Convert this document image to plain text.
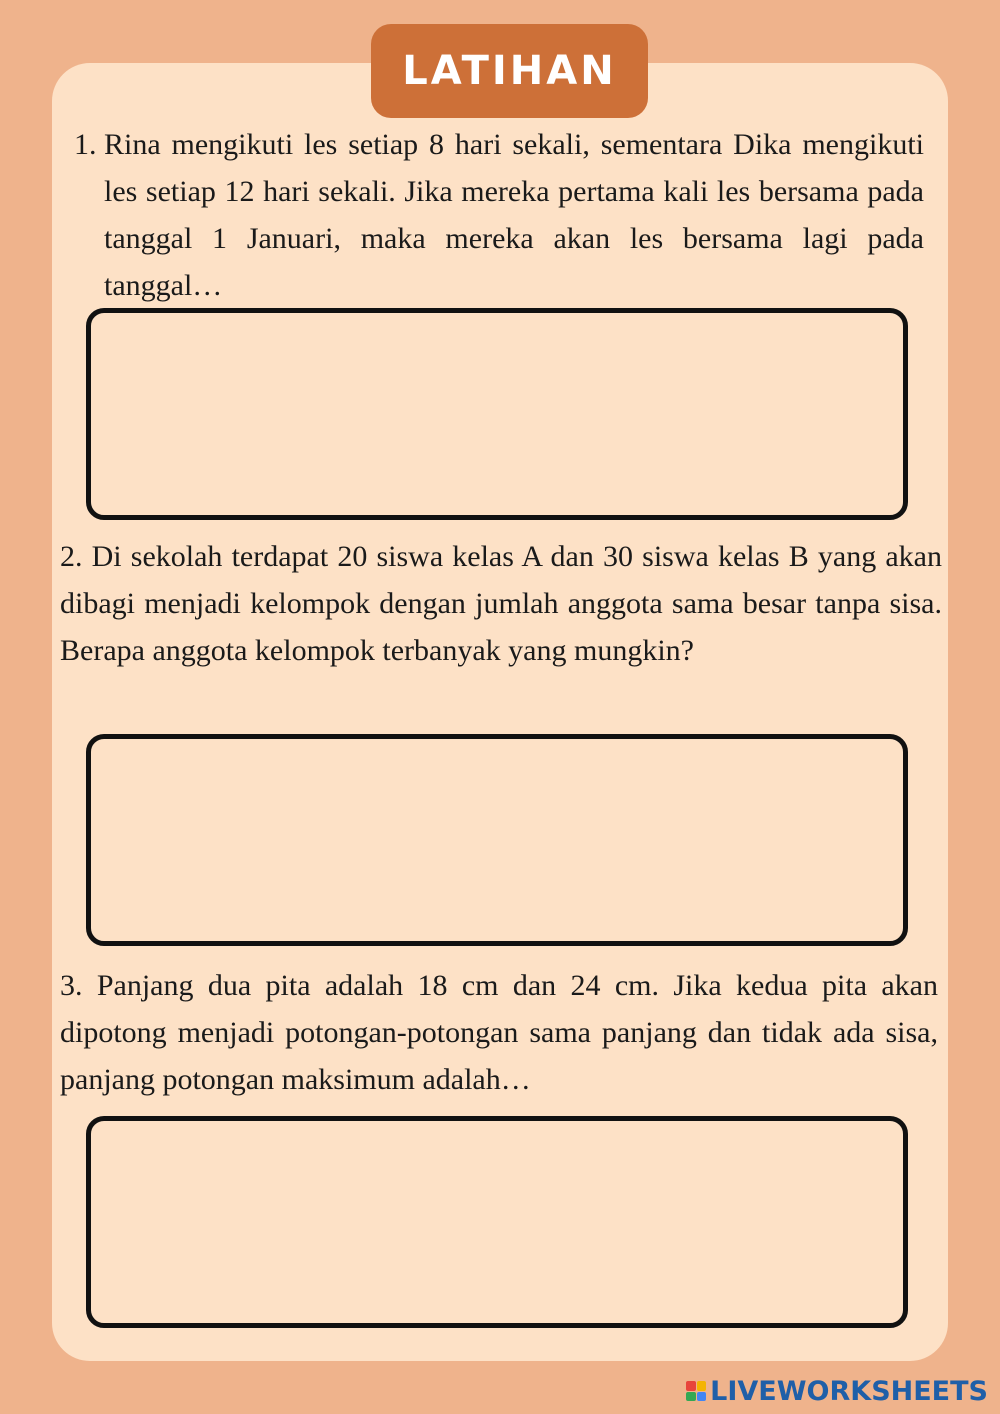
LATIHAN
1. Rina mengikuti les setiap 8 hari sekali, sementara Dika mengikuti les setiap 12 hari sekali. Jika mereka pertama kali les bersama pada tanggal 1 Januari, maka mereka akan les bersama lagi pada tanggal…

2. Di sekolah terdapat 20 siswa kelas A dan 30 siswa kelas B yang akan dibagi menjadi kelompok dengan jumlah anggota sama besar tanpa sisa. Berapa anggota kelompok terbanyak yang mungkin?

3. Panjang dua pita adalah 18 cm dan 24 cm. Jika kedua pita akan dipotong menjadi potongan-potongan sama panjang dan tidak ada sisa, panjang potongan maksimum adalah…

LIVEWORKSHEETS
